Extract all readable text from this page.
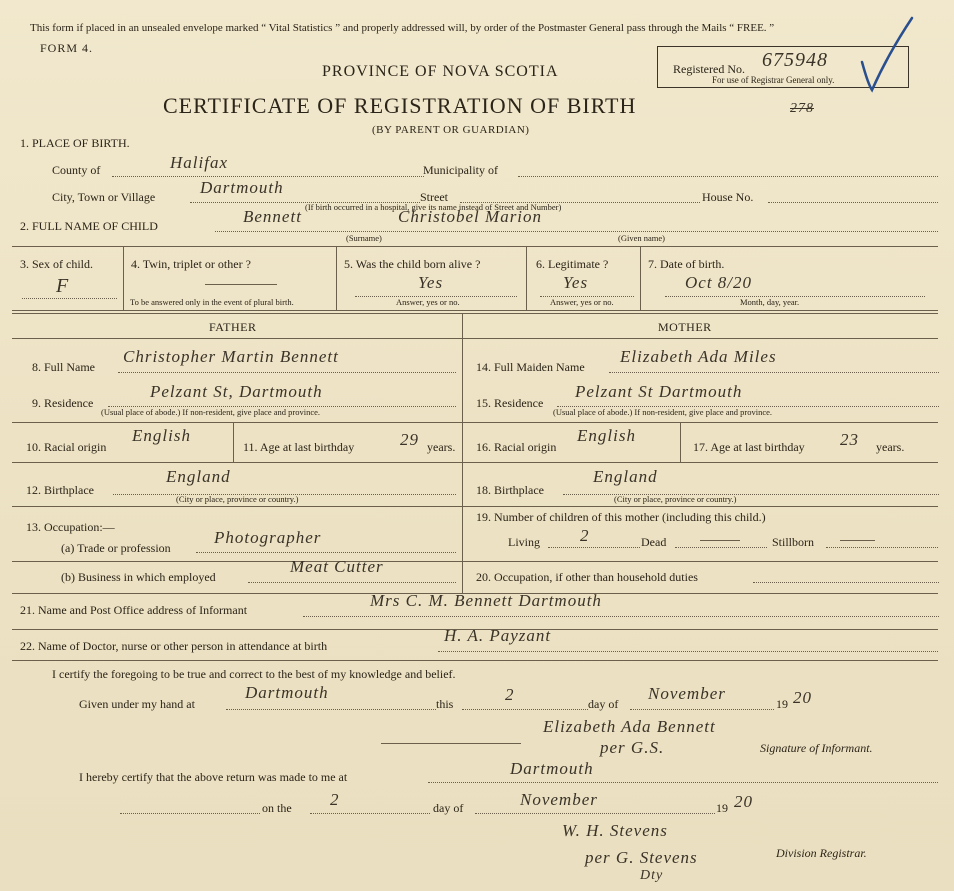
This form if placed in an unsealed envelope marked “ Vital Statistics ” and properly addressed will, by order of the Postmaster General pass through the Mails “ FREE. ”
FORM 4.
PROVINCE OF NOVA SCOTIA
CERTIFICATE OF REGISTRATION OF BIRTH	278
(BY PARENT OR GUARDIAN)
Registered No. 675948
For use of Registrar General only.
1. PLACE OF BIRTH.
County of	Halifax	Municipality of
City, Town or Village	Dartmouth	Street	House No.
(If birth occurred in a hospital, give its name instead of Street and Number)
2. FULL NAME OF CHILD	Bennett	Christobel Marion
(Surname)	(Given name)
3. Sex of child.
F
4. Twin, triplet or other ?
To be answered only in the event of plural birth.
5. Was the child born alive ?
Yes
Answer, yes or no.
6. Legitimate ?
Yes
Answer, yes or no.
7. Date of birth.
Oct 8/20
Month, day, year.
FATHER	MOTHER
8. Full Name
Christopher Martin Bennett
9. Residence
Pelzant St, Dartmouth
(Usual place of abode.) If non-resident, give place and province.
10. Racial origin
English
11. Age at last birthday	29 years.
12. Birthplace
England
(City or place, province or country.)
13. Occupation:—
(a) Trade or profession
Photographer
(b) Business in which employed
Meat Cutter
14. Full Maiden Name
Elizabeth Ada Miles
15. Residence
Pelzant St Dartmouth
(Usual place of abode.) If non-resident, give place and province.
16. Racial origin
English
17. Age at last birthday 23 years.
18. Birthplace
England
(City or place, province or country.)
19. Number of children of this mother (including this child.)
Living 2	Dead	Stillborn
20. Occupation, if other than household duties
21. Name and Post Office address of Informant	Mrs C. M. Bennett Dartmouth
22. Name of Doctor, nurse or other person in attendance at birth
H. A. Payzant
I certify the foregoing to be true and correct to the best of my knowledge and belief.
Given under my hand at
Dartmouth
this	2	day of
November
19 20
Elizabeth Ada Bennett
per G.S.	Signature of Informant.
I hereby certify that the above return was made to me at	Dartmouth
on the 2	day of	November	19 20
W. H. Stevens
per G. Stevens
Dty
Division Registrar.
